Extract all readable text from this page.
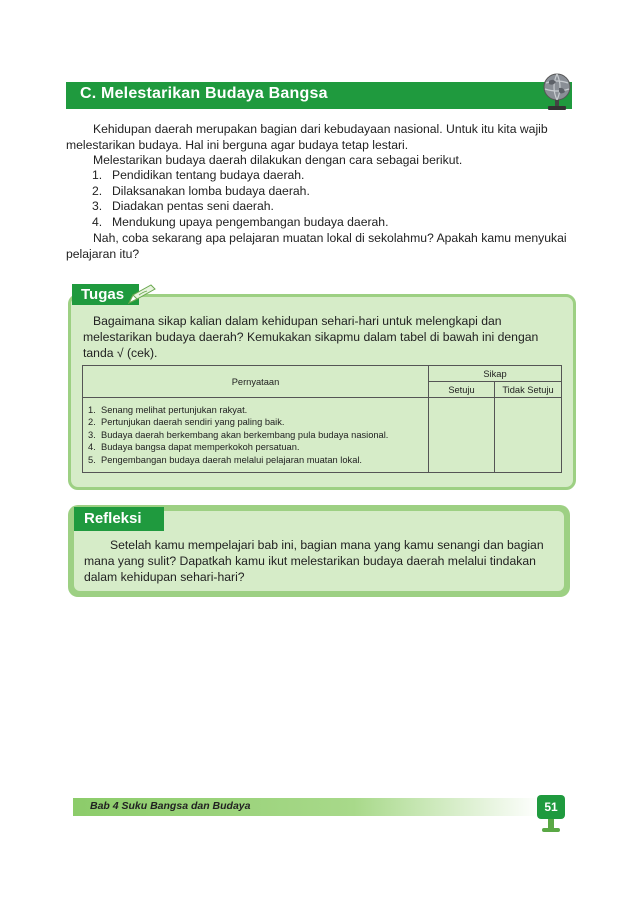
C. Melestarikan Budaya Bangsa

Kehidupan daerah merupakan bagian dari kebudayaan nasional. Untuk itu kita wajib

melestarikan budaya. Hal ini berguna agar budaya tetap lestari.

Melestarikan budaya daerah dilakukan dengan cara sebagai berikut.

1. Pendidikan tentang budaya daerah.
2. Dilaksanakan lomba budaya daerah.
3. Diadakan pentas seni daerah.
4. Mendukung upaya pengembangan budaya daerah.

Nah, coba sekarang apa pelajaran muatan lokal di sekolahmu? Apakah kamu menyukai

pelajaran itu?

Tugas

Bagaimana sikap kalian dalam kehidupan sehari-hari untuk melengkapi dan

melestarikan budaya daerah? Kemukakan sikapmu dalam tabel di bawah ini dengan

tanda √ (cek).

Pernyataan	Sikap	
	Setuju	Tidak Setuju

1. Senang melihat pertunjukan rakyat.
2. Pertunjukan daerah sendiri yang paling baik.
3. Budaya daerah berkembang akan berkembang pula budaya nasional.
4. Budaya bangsa dapat memperkokoh persatuan.
5. Pengembangan budaya daerah melalui pelajaran muatan lokal.		

Refleksi

Setelah kamu mempelajari bab ini, bagian mana yang kamu senangi dan bagian

mana yang sulit? Dapatkah kamu ikut melestarikan budaya daerah melalui tindakan

dalam kehidupan sehari-hari?

Bab 4 Suku Bangsa dan Budaya	51
